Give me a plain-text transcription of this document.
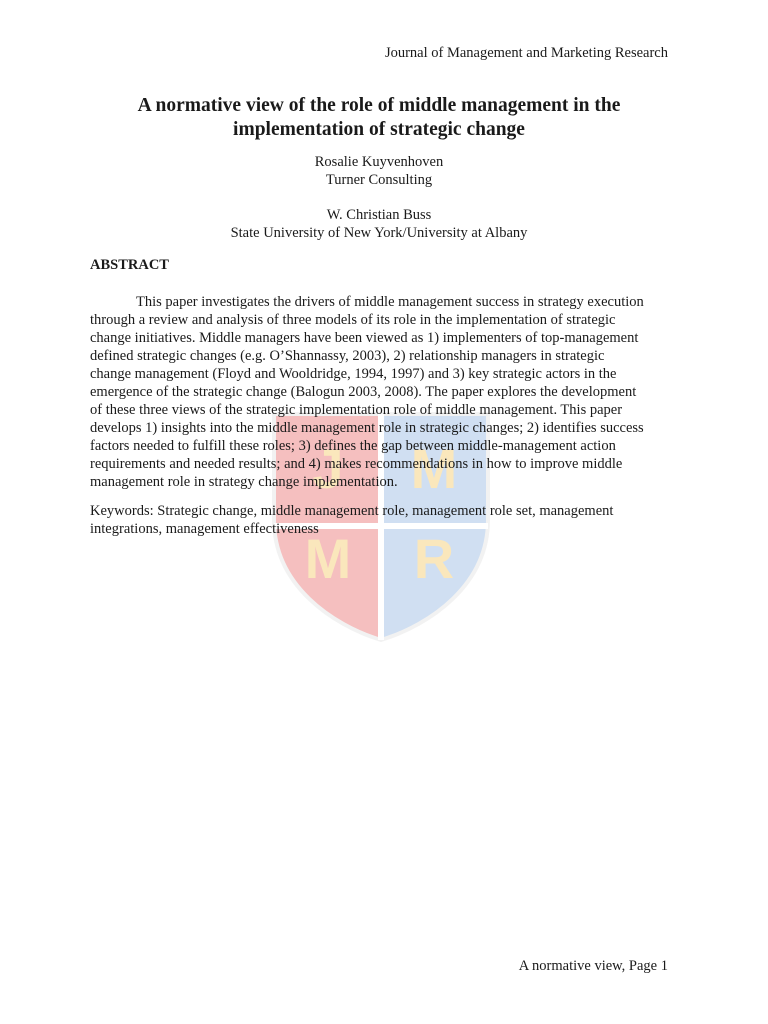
J M
M R
Journal of Management and Marketing Research
A normative view of the role of middle management in the
implementation of strategic change
Rosalie Kuyvenhoven
Turner Consulting
W. Christian Buss
State University of New York/University at Albany
ABSTRACT
This paper investigates the drivers of middle management success in strategy execution
through a review and analysis of three models of its role in the implementation of strategic
change initiatives. Middle managers have been viewed as 1) implementers of top-management
defined strategic changes (e.g. O’Shannassy, 2003), 2) relationship managers in strategic
change management (Floyd and Wooldridge, 1994, 1997) and 3) key strategic actors in the
emergence of the strategic change (Balogun 2003, 2008). The paper explores the development
of these three views of the strategic implementation role of middle management. This paper
develops 1) insights into the middle management role in strategic changes; 2) identifies success
factors needed to fulfill these roles; 3) defines the gap between middle-management action
requirements and needed results; and 4) makes recommendations in how to improve middle
management role in strategy change implementation.
Keywords: Strategic change, middle management role, management role set, management
integrations, management effectiveness
A normative view, Page 1
